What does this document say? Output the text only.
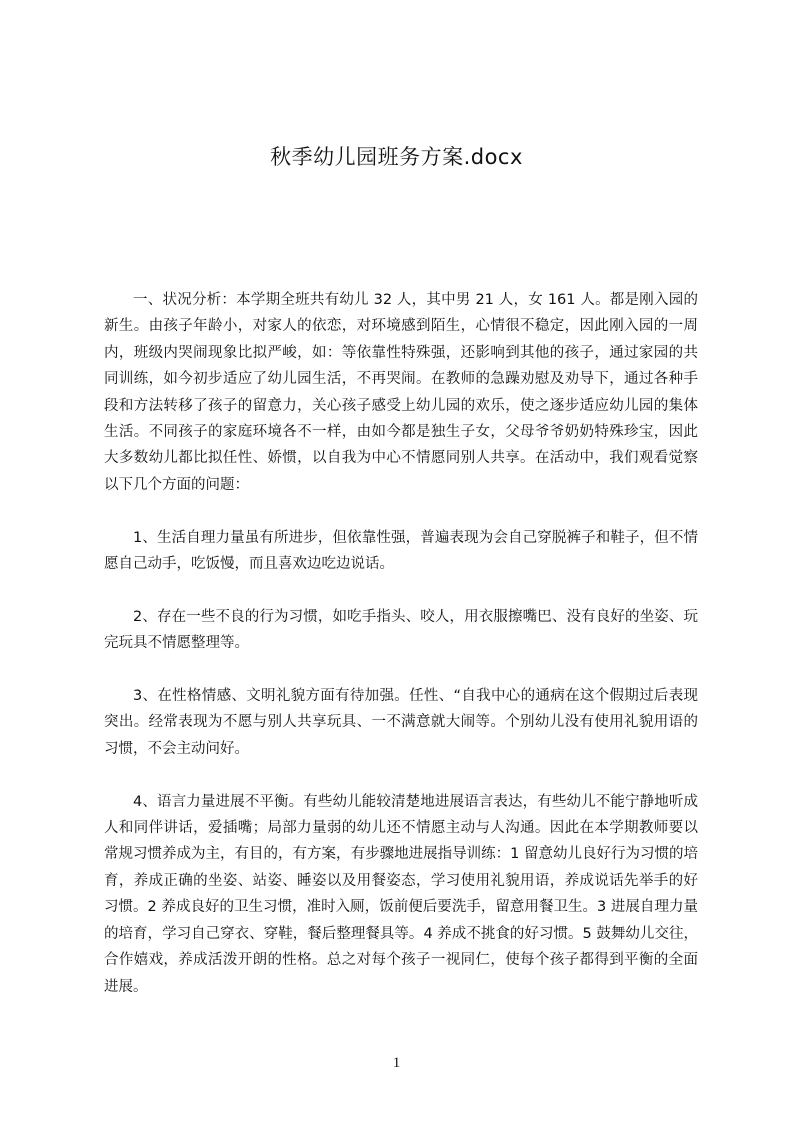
秋季幼儿园班务方案.docx

一、状况分析：本学期全班共有幼儿 32 人，其中男 21 人，女 161 人。都是刚入园的新生。由孩子年龄小，对家人的依恋，对环境感到陌生，心情很不稳定，因此刚入园的一周内，班级内哭闹现象比拟严峻，如：等依靠性特殊强，还影响到其他的孩子，通过家园的共同训练，如今初步适应了幼儿园生活，不再哭闹。在教师的急躁劝慰及劝导下，通过各种手段和方法转移了孩子的留意力，关心孩子感受上幼儿园的欢乐，使之逐步适应幼儿园的集体生活。不同孩子的家庭环境各不一样，由如今都是独生子女，父母爷爷奶奶特殊珍宝，因此大多数幼儿都比拟任性、娇惯，以自我为中心不情愿同别人共享。在活动中，我们观看觉察以下几个方面的问题：

1、生活自理力量虽有所进步，但依靠性强，普遍表现为会自己穿脱裤子和鞋子，但不情愿自己动手，吃饭慢，而且喜欢边吃边说话。

2、存在一些不良的行为习惯，如吃手指头、咬人，用衣服擦嘴巴、没有良好的坐姿、玩完玩具不情愿整理等。

3、在性格情感、文明礼貌方面有待加强。任性、“自我中心的通病在这个假期过后表现突出。经常表现为不愿与别人共享玩具、一不满意就大闹等。个别幼儿没有使用礼貌用语的习惯，不会主动问好。

4、语言力量进展不平衡。有些幼儿能较清楚地进展语言表达，有些幼儿不能宁静地听成人和同伴讲话，爱插嘴；局部力量弱的幼儿还不情愿主动与人沟通。因此在本学期教师要以常规习惯养成为主，有目的，有方案，有步骤地进展指导训练：1 留意幼儿良好行为习惯的培育，养成正确的坐姿、站姿、睡姿以及用餐姿态，学习使用礼貌用语，养成说话先举手的好习惯。2 养成良好的卫生习惯，准时入厕，饭前便后要洗手，留意用餐卫生。3 进展自理力量的培育，学习自己穿衣、穿鞋，餐后整理餐具等。4 养成不挑食的好习惯。5 鼓舞幼儿交往，合作嬉戏，养成活泼开朗的性格。总之对每个孩子一视同仁，使每个孩子都得到平衡的全面进展。

1
